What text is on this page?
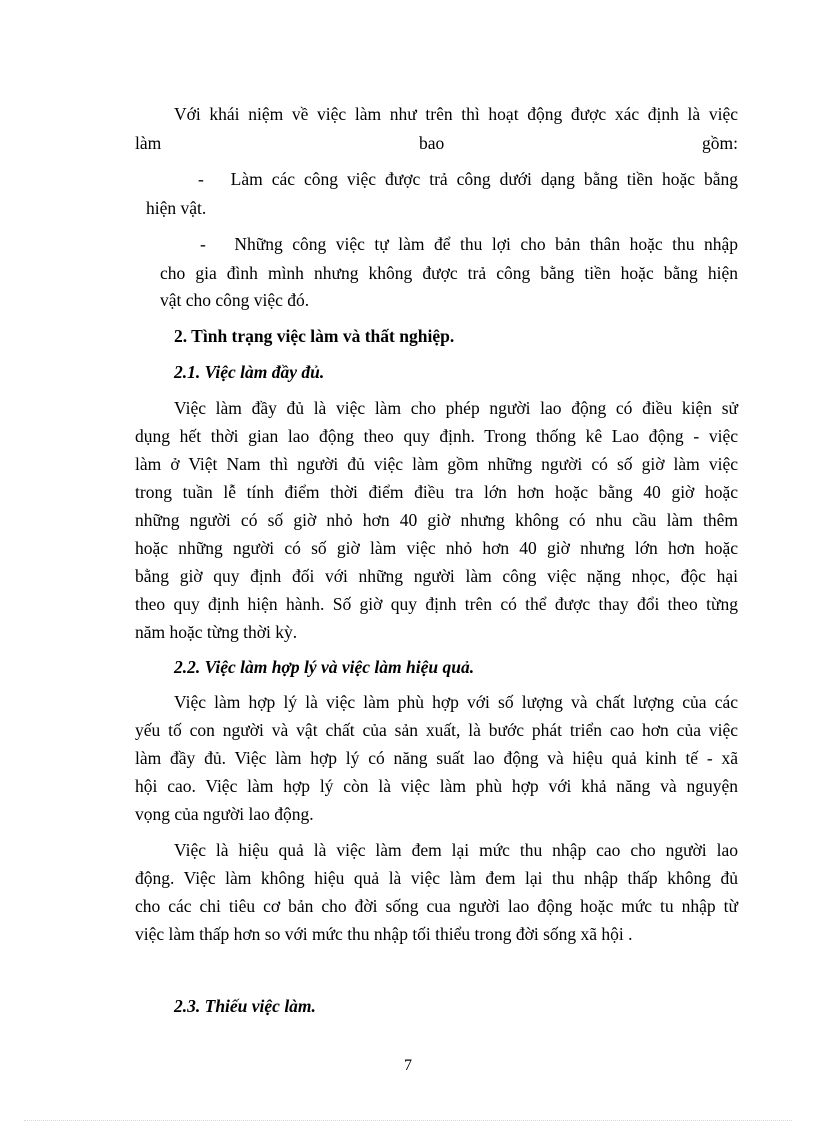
Với khái niệm về việc làm như trên thì hoạt động được xác định là việc
làm	bao	gồm:
-   Làm các công việc được trả công dưới dạng bằng tiền hoặc bằng
hiện vật.
-   Những công việc tự làm để thu lợi cho bản thân hoặc thu nhập
cho gia đình mình nhưng không được trả công bằng tiền hoặc bằng hiện
vật cho công việc đó.
2. Tình trạng việc làm và thất nghiệp.
2.1. Việc làm đầy đủ.
Việc làm đầy đủ là việc làm cho phép người lao động có điều kiện sử
dụng hết thời gian lao động theo quy định. Trong thống kê Lao động - việc
làm ở Việt Nam thì người đủ việc làm gồm những người có số giờ làm việc
trong tuần lễ tính điểm thời điểm điều tra lớn hơn hoặc bằng 40 giờ hoặc
những người có số giờ nhỏ hơn 40 giờ nhưng không có nhu cầu làm thêm
hoặc những người có số giờ làm việc nhỏ hơn 40 giờ nhưng lớn hơn hoặc
bằng giờ quy định đối với những người làm công việc nặng nhọc, độc hại
theo quy định hiện hành. Số giờ quy định trên có thể được thay đổi theo từng
năm hoặc từng thời kỳ.
2.2. Việc làm hợp lý và việc làm hiệu quả.
Việc làm hợp lý là việc làm phù hợp với số lượng và chất lượng của các
yếu tố con người và vật chất của sản xuất, là bước phát triển cao hơn của việc
làm đầy đủ. Việc làm hợp lý có năng suất lao động và hiệu quả kinh tế - xã
hội cao. Việc làm hợp lý còn là việc làm phù hợp với khả năng và nguyện
vọng của người lao động.
Việc là hiệu quả là việc làm đem lại mức thu nhập cao cho người lao
động. Việc làm không hiệu quả là việc làm đem lại thu nhập thấp không đủ
cho các chi tiêu cơ bản cho đời sống cua người lao động hoặc mức tu nhập từ
việc làm thấp hơn so với mức thu nhập tối thiểu trong đời sống xã hội .
2.3. Thiếu việc làm.
7
